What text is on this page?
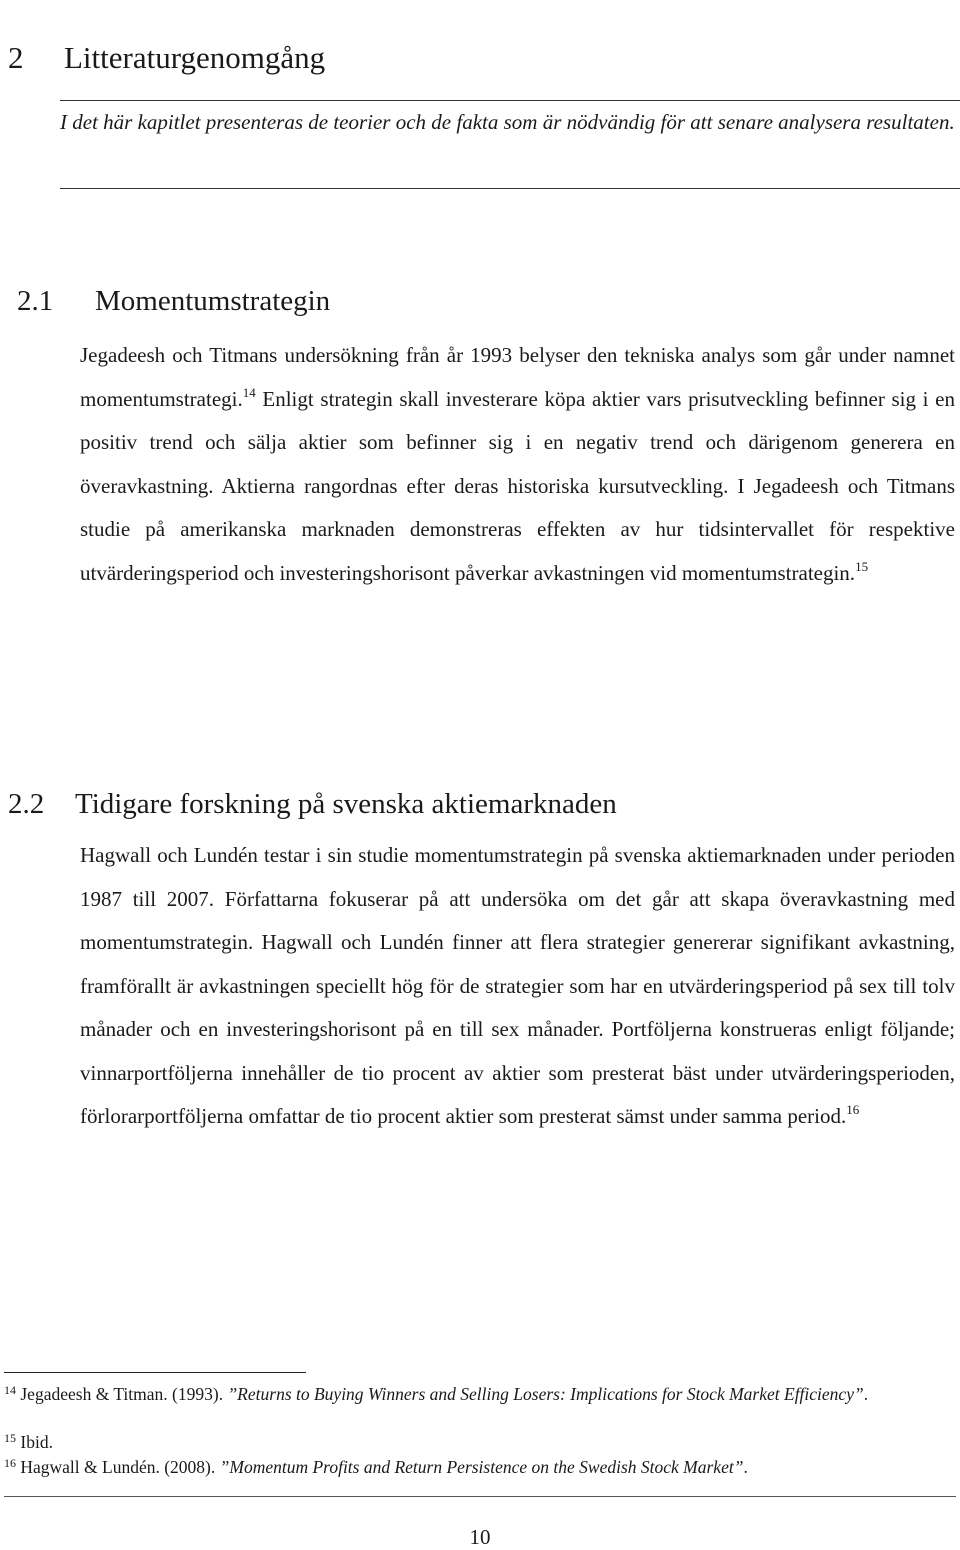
2 Litteraturgenomgång

I det här kapitlet presenteras de teorier och de fakta som är nödvändig för att senare analysera resultaten.

2.1 Momentumstrategin

Jegadeesh och Titmans undersökning från år 1993 belyser den tekniska analys som går under namnet momentumstrategi.$^{14}$ Enligt strategin skall investerare köpa aktier vars prisutveckling befinner sig i en positiv trend och sälja aktier som befinner sig i en negativ trend och därigenom generera en överavkastning. Aktierna rangordnas efter deras historiska kursutveckling. I Jegadeesh och Titmans studie på amerikanska marknaden demonstreras effekten av hur tidsintervallet för respektive utvärderingsperiod och investeringshorisont påverkar avkastningen vid momentumstrategin.$^{15}$

2.2 Tidigare forskning på svenska aktiemarknaden

Hagwall och Lundén testar i sin studie momentumstrategin på svenska aktiemarknaden under perioden 1987 till 2007. Författarna fokuserar på att undersöka om det går att skapa överavkastning med momentumstrategin. Hagwall och Lundén finner att flera strategier genererar signifikant avkastning, framförallt är avkastningen speciellt hög för de strategier som har en utvärderingsperiod på sex till tolv månader och en investeringshorisont på en till sex månader. Portföljerna konstrueras enligt följande; vinnarportföljerna innehåller de tio procent av aktier som presterat bäst under utvärderingsperioden, förlorarportföljerna omfattar de tio procent aktier som presterat sämst under samma period.$^{16}$

$^{14}$ Jegadeesh & Titman. (1993). ”Returns to Buying Winners and Selling Losers: Implications for Stock Market Efficiency”.

$^{15}$ Ibid.

$^{16}$ Hagwall & Lundén. (2008). ”Momentum Profits and Return Persistence on the Swedish Stock Market”.

10
